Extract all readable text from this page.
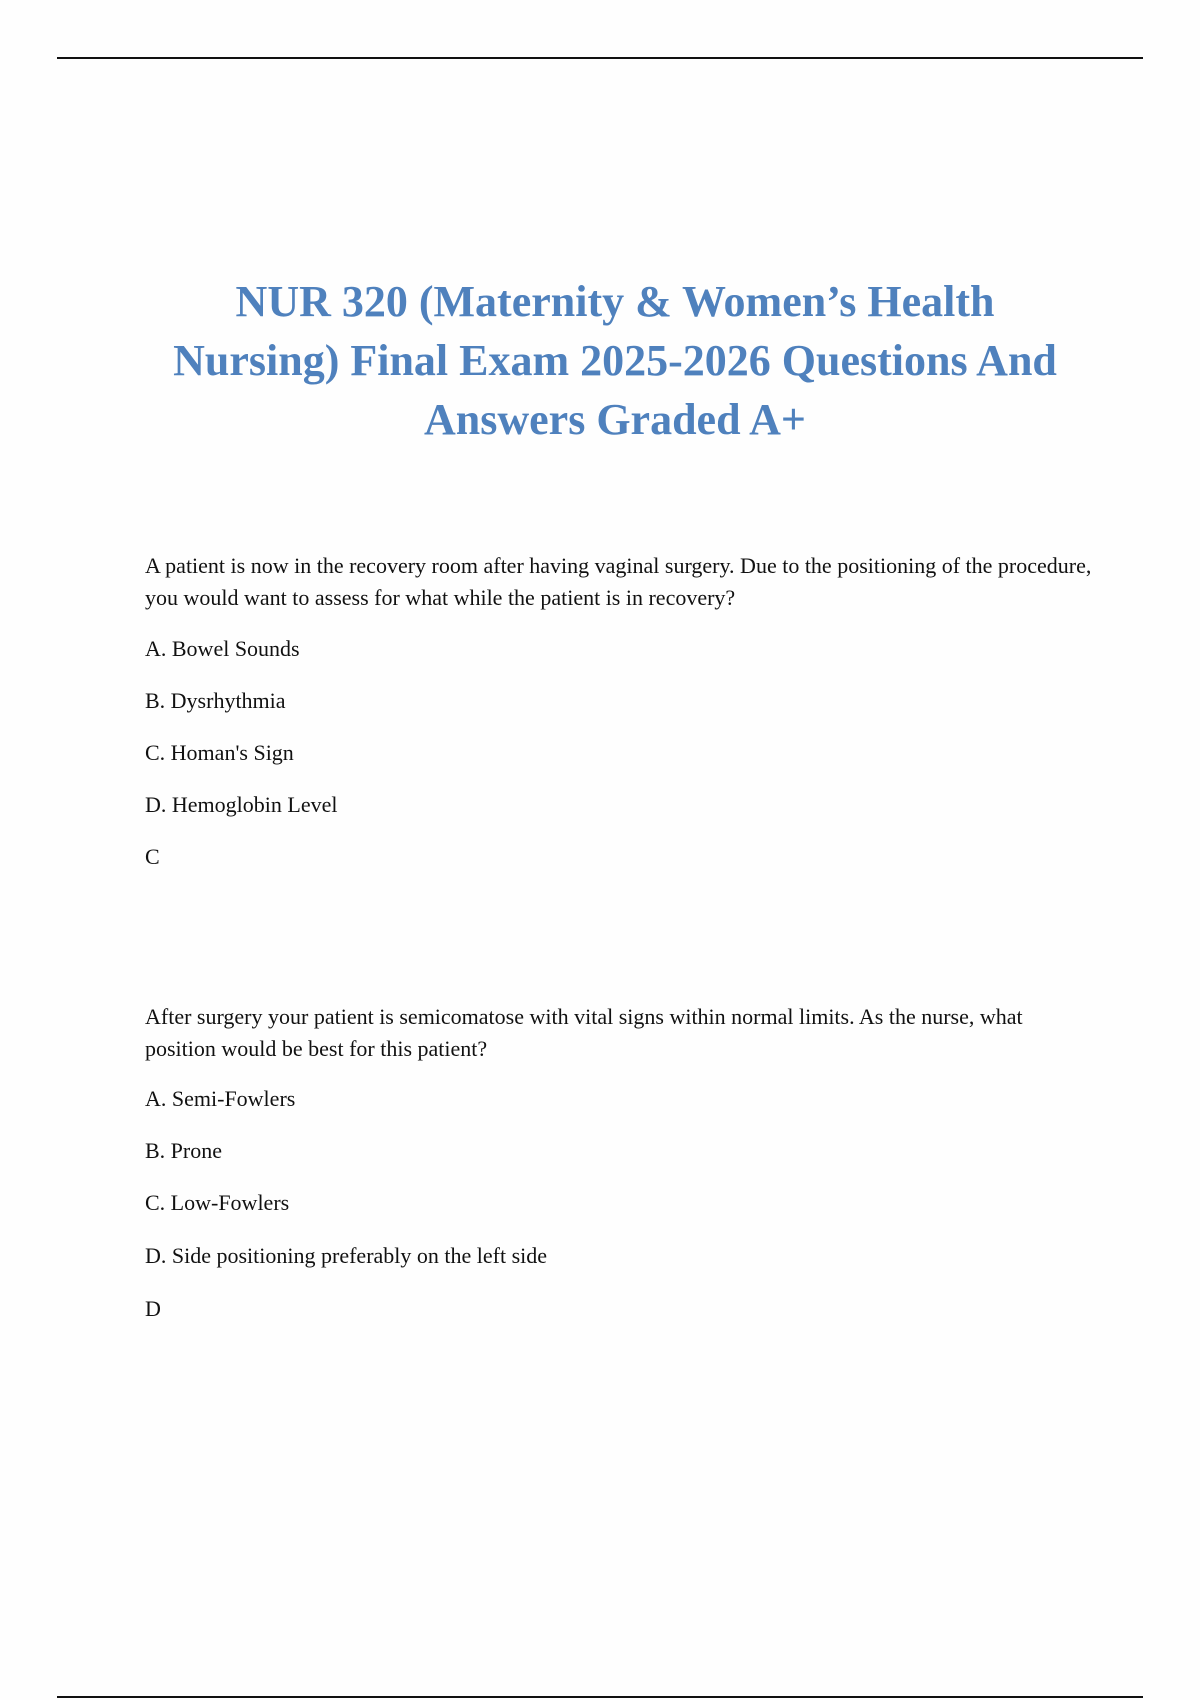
NUR 320 (Maternity & Women’s Health
Nursing) Final Exam 2025-2026 Questions And
Answers Graded A+

A patient is now in the recovery room after having vaginal surgery. Due to the positioning of the procedure, you would want to assess for what while the patient is in recovery?

A. Bowel Sounds

B. Dysrhythmia

C. Homan's Sign

D. Hemoglobin Level

C

After surgery your patient is semicomatose with vital signs within normal limits. As the nurse, what position would be best for this patient?

A. Semi-Fowlers

B. Prone

C. Low-Fowlers

D. Side positioning preferably on the left side

D
